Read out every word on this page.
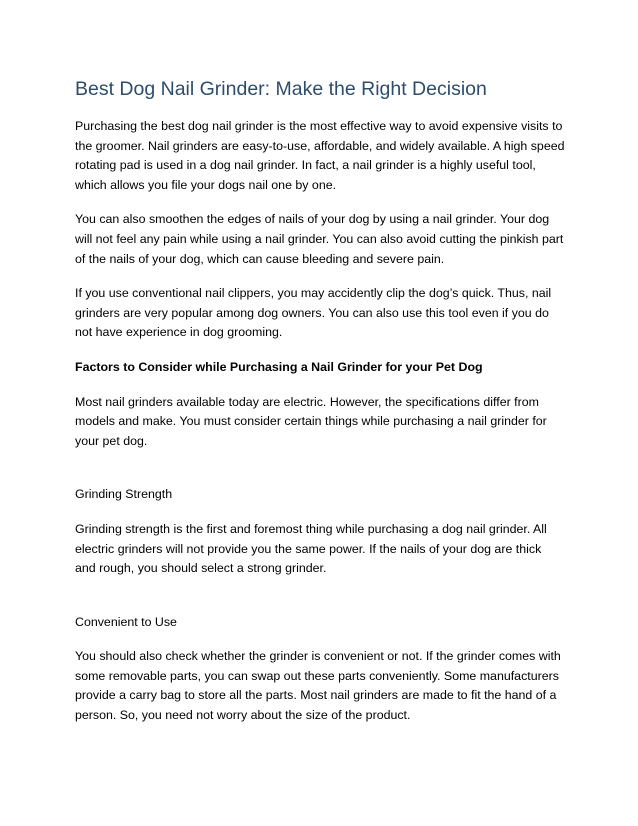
Best Dog Nail Grinder: Make the Right Decision

Purchasing the best dog nail grinder is the most effective way to avoid expensive visits to the groomer. Nail grinders are easy-to-use, affordable, and widely available. A high speed rotating pad is used in a dog nail grinder. In fact, a nail grinder is a highly useful tool, which allows you file your dogs nail one by one.

You can also smoothen the edges of nails of your dog by using a nail grinder. Your dog will not feel any pain while using a nail grinder. You can also avoid cutting the pinkish part of the nails of your dog, which can cause bleeding and severe pain.

If you use conventional nail clippers, you may accidently clip the dog’s quick. Thus, nail grinders are very popular among dog owners. You can also use this tool even if you do not have experience in dog grooming.

Factors to Consider while Purchasing a Nail Grinder for your Pet Dog

Most nail grinders available today are electric. However, the specifications differ from models and make. You must consider certain things while purchasing a nail grinder for your pet dog.

Grinding Strength

Grinding strength is the first and foremost thing while purchasing a dog nail grinder. All electric grinders will not provide you the same power. If the nails of your dog are thick and rough, you should select a strong grinder.

Convenient to Use

You should also check whether the grinder is convenient or not. If the grinder comes with some removable parts, you can swap out these parts conveniently. Some manufacturers provide a carry bag to store all the parts. Most nail grinders are made to fit the hand of a person. So, you need not worry about the size of the product.
